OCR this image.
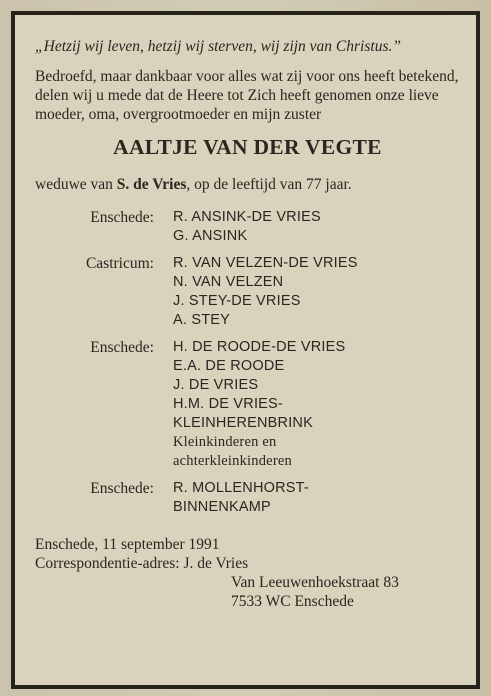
„Hetzij wij leven, hetzij wij sterven, wij zijn van Christus.”

Bedroefd, maar dankbaar voor alles wat zij voor ons heeft betekend, delen wij u mede dat de Heere tot Zich heeft genomen onze lieve moeder, oma, overgrootmoeder en mijn zuster

AALTJE VAN DER VEGTE

weduwe van S. de Vries, op de leeftijd van 77 jaar.

Enschede:	R. ANSINK-DE VRIES
G. ANSINK
Castricum:	R. VAN VELZEN-DE VRIES
N. VAN VELZEN
J. STEY-DE VRIES
A. STEY
Enschede:	H. DE ROODE-DE VRIES
E.A. DE ROODE
J. DE VRIES
H.M. DE VRIES-
KLEINHERENBRINK
Kleinkinderen en
achterkleinkinderen
Enschede:	R. MOLLENHORST-
BINNENKAMP
Enschede, 11 september 1991
Correspondentie-adres:
J. de Vries
Van Leeuwenhoekstraat 83
7533 WC Enschede
